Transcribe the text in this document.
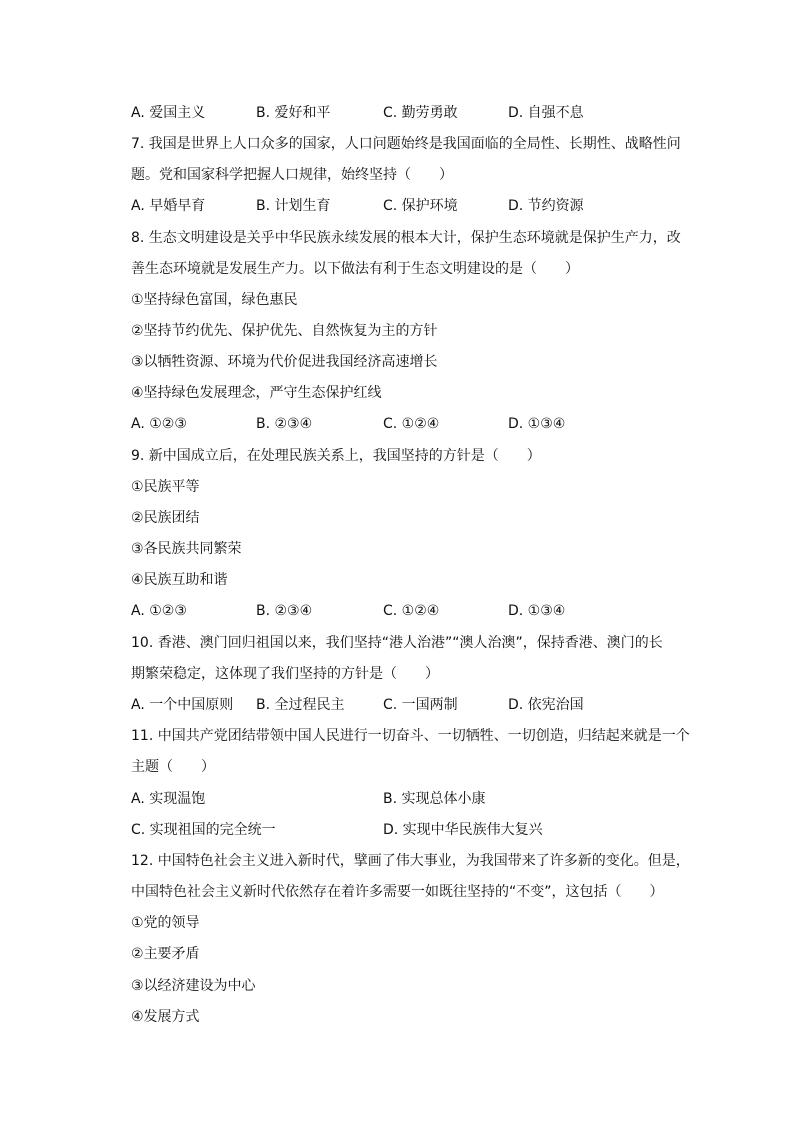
A. 爱国主义	B. 爱好和平	C. 勤劳勇敢	D. 自强不息
7. 我国是世界上人口众多的国家，人口问题始终是我国面临的全局性、长期性、战略性问
题。党和国家科学把握人口规律，始终坚持（　　）
A. 早婚早育	B. 计划生育	C. 保护环境	D. 节约资源
8. 生态文明建设是关乎中华民族永续发展的根本大计，保护生态环境就是保护生产力，改
善生态环境就是发展生产力。以下做法有利于生态文明建设的是（　　）
①坚持绿色富国，绿色惠民
②坚持节约优先、保护优先、自然恢复为主的方针
③以牺牲资源、环境为代价促进我国经济高速增长
④坚持绿色发展理念，严守生态保护红线
A. ①②③	B. ②③④	C. ①②④	D. ①③④
9. 新中国成立后，在处理民族关系上，我国坚持的方针是（　　）
①民族平等
②民族团结
③各民族共同繁荣
④民族互助和谐
A. ①②③	B. ②③④	C. ①②④	D. ①③④
10. 香港、澳门回归祖国以来，我们坚持“港人治港”“澳人治澳”，保持香港、澳门的长
期繁荣稳定，这体现了我们坚持的方针是（　　）
A. 一个中国原则 B. 全过程民主	C. 一国两制	D. 依宪治国
11. 中国共产党团结带领中国人民进行一切奋斗、一切牺牲、一切创造，归结起来就是一个
主题（　　）
A. 实现温饱	B. 实现总体小康
C. 实现祖国的完全统一	D. 实现中华民族伟大复兴
12. 中国特色社会主义进入新时代，擘画了伟大事业，为我国带来了许多新的变化。但是，
中国特色社会主义新时代依然存在着许多需要一如既往坚持的“不变”，这包括（　　）
①党的领导
②主要矛盾
③以经济建设为中心
④发展方式
